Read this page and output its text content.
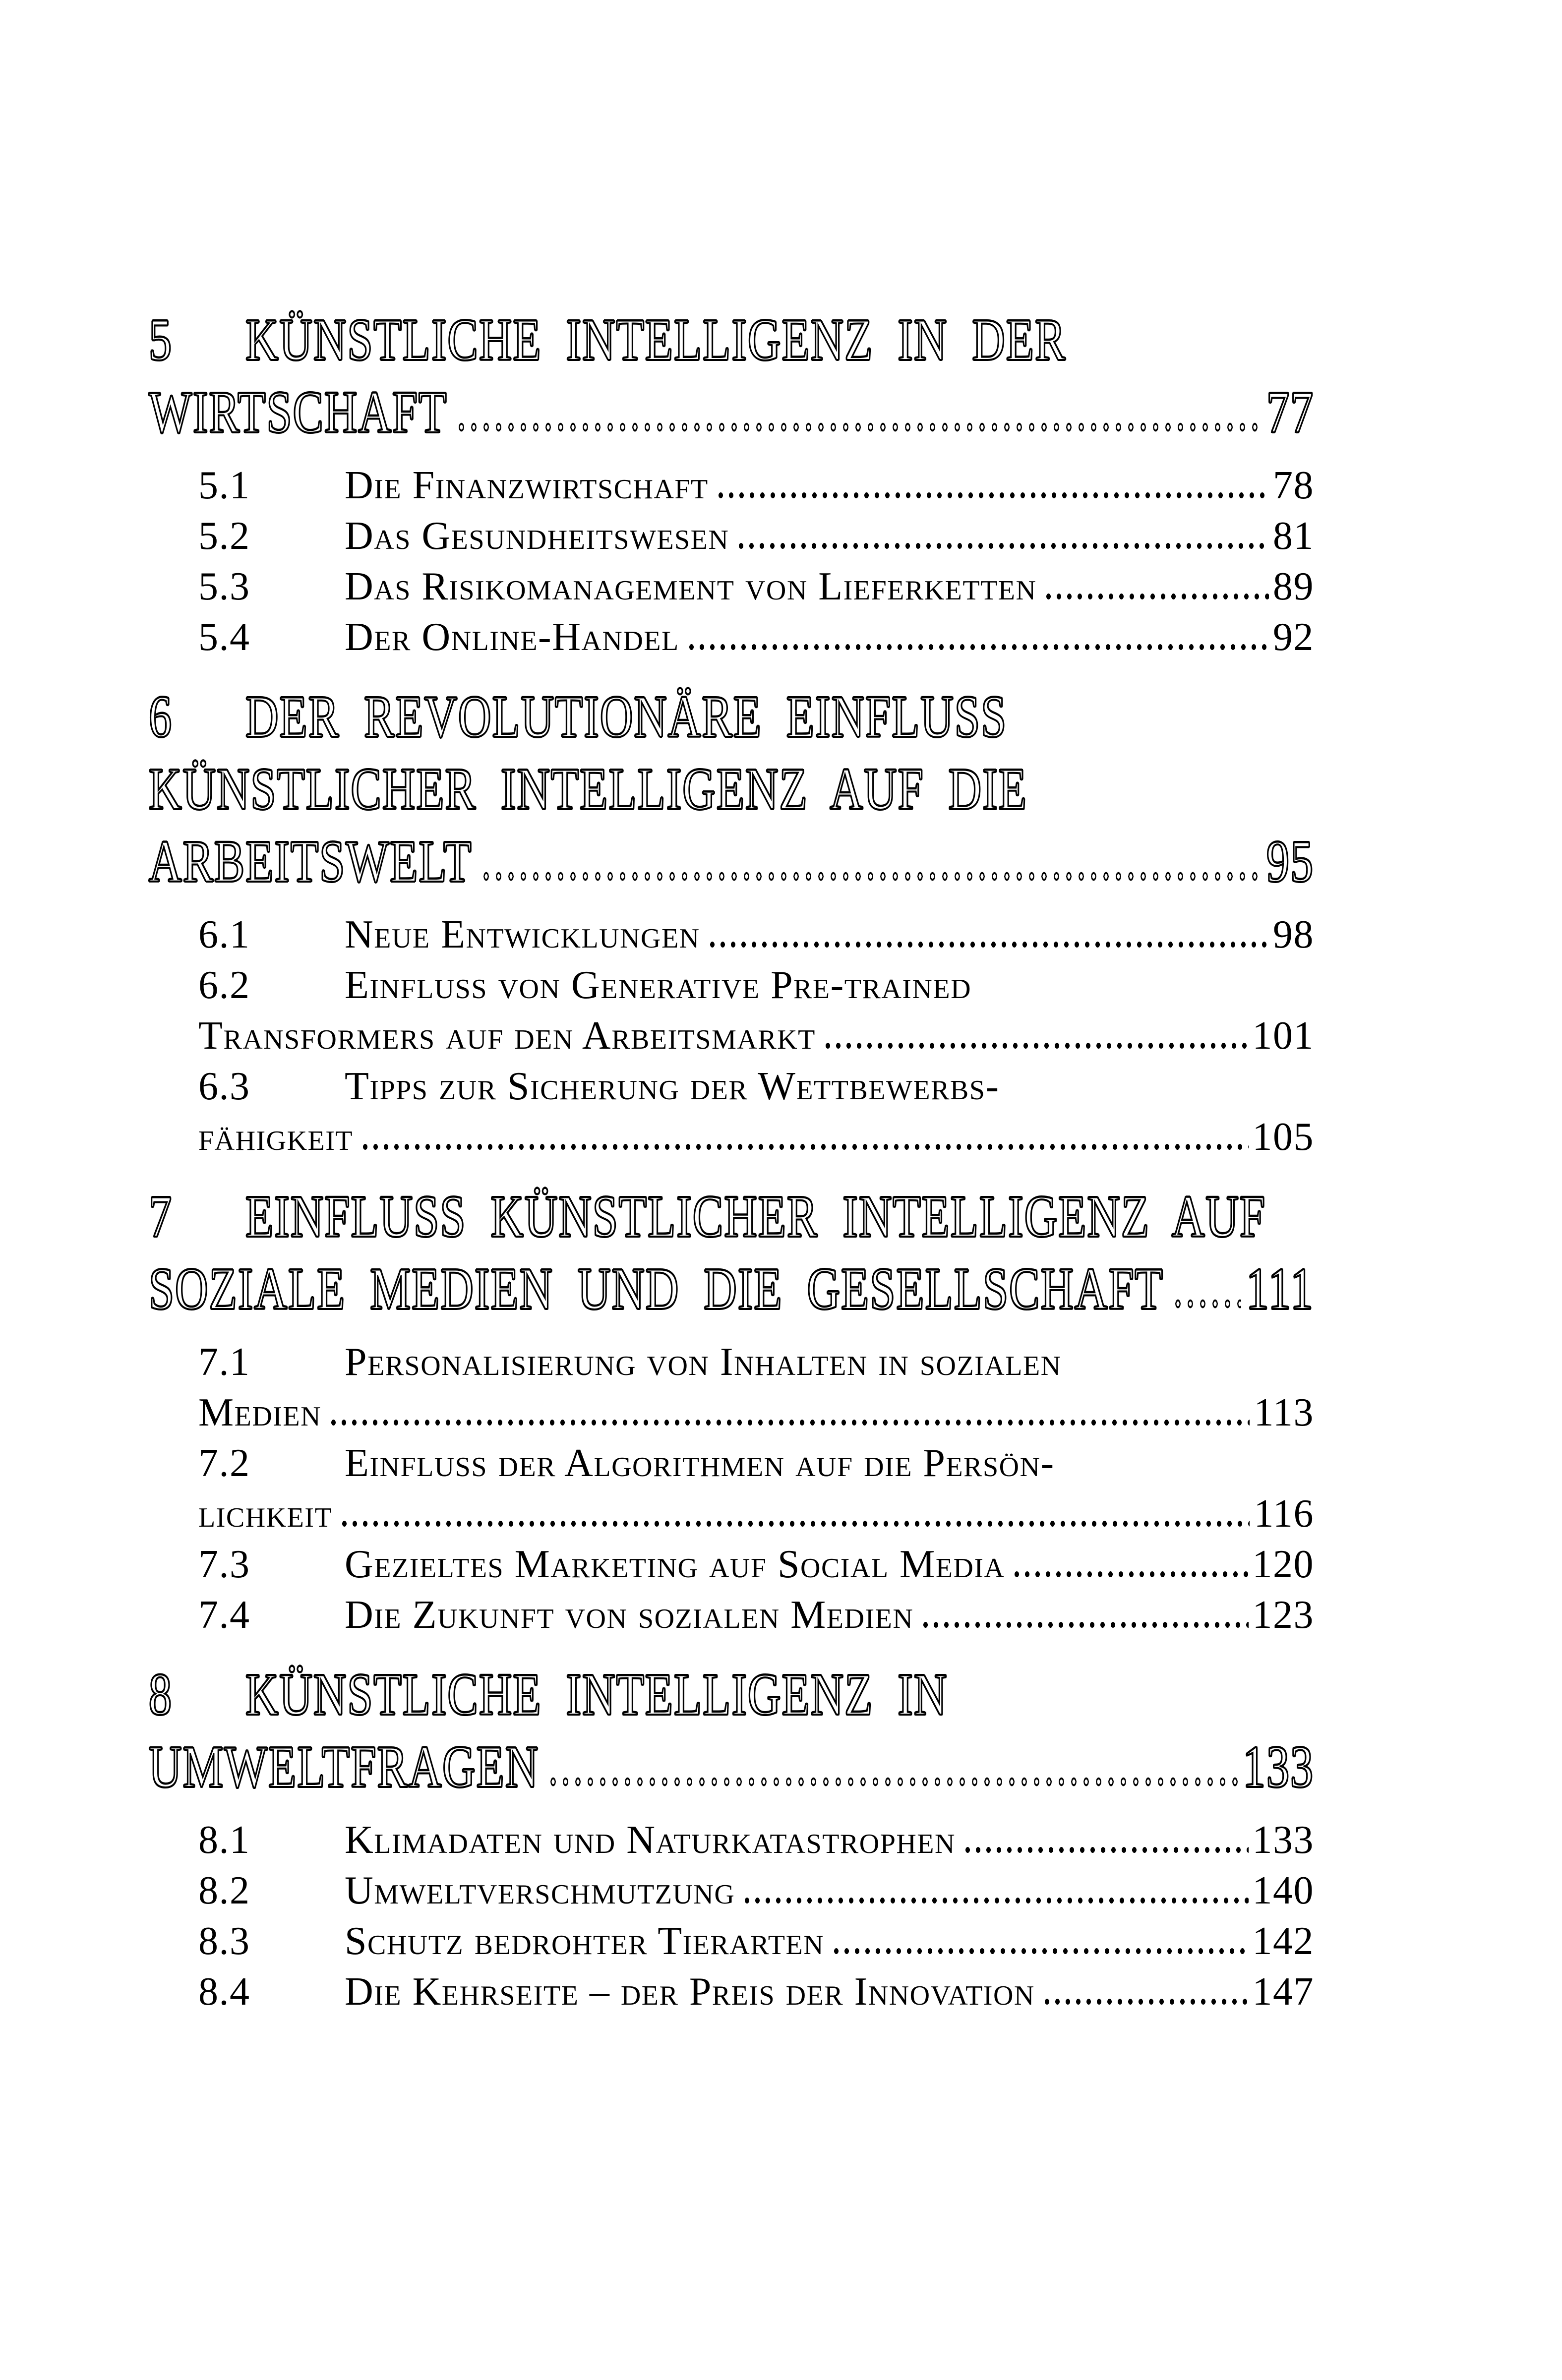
5	KÜNSTLICHE INTELLIGENZ IN DER
WIRTSCHAFT	77
5.1	Die Finanzwirtschaft	78
5.2	Das Gesundheitswesen	81
5.3	Das Risikomanagement von Lieferketten	89
5.4	Der Online-Handel	92
6	DER REVOLUTIONÄRE EINFLUSS
KÜNSTLICHER INTELLIGENZ AUF DIE
ARBEITSWELT	95
6.1	Neue Entwicklungen	98
6.2	Einfluss von Generative Pre-trained
Transformers auf den Arbeitsmarkt	101
6.3	Tipps zur Sicherung der Wettbewerbs-
fähigkeit	105
7	EINFLUSS KÜNSTLICHER INTELLIGENZ AUF
SOZIALE MEDIEN UND DIE GESELLSCHAFT 111
7.1	Personalisierung von Inhalten in sozialen
Medien	113
7.2	Einfluss der Algorithmen auf die Persön-
lichkeit	116
7.3	Gezieltes Marketing auf Social Media	120
7.4	Die Zukunft von sozialen Medien	123
8	KÜNSTLICHE INTELLIGENZ IN
UMWELTFRAGEN	133
8.1	Klimadaten und Naturkatastrophen	133
8.2	Umweltverschmutzung	140
8.3	Schutz bedrohter Tierarten	142
8.4	Die Kehrseite – der Preis der Innovation	147
